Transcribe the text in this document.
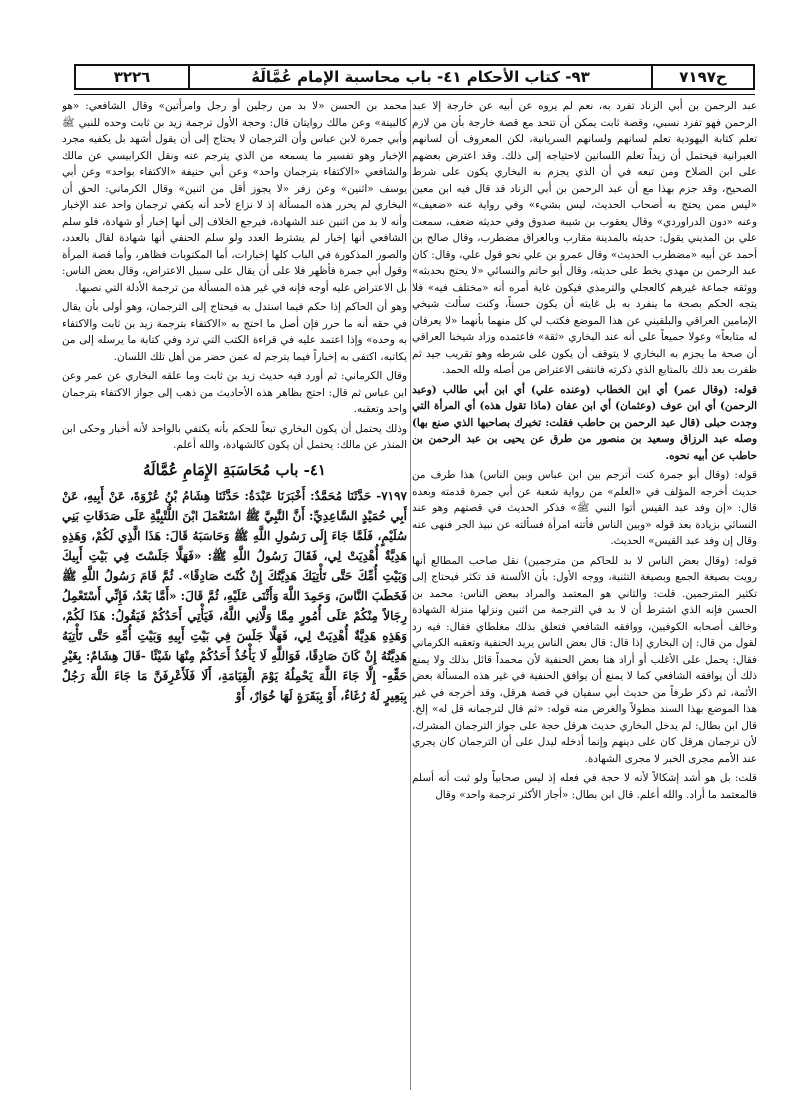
ح٧١٩٧
٩٣- كتاب الأحكام ٤١- باب محاسبة الإمام عُمَّالَهُ
٣٢٢٦

عبد الرحمن بن أبي الزناد تفرد به، نعم لم يروه عن أبيه عن خارجة إلا عبد الرحمن فهو تفرد نسبي، وقصة ثابت يمكن أن تتحد مع قصة خارجة بأن من لازم تعلم كتابة اليهودية تعلم لسانهم ولسانهم السريانية، لكن المعروف أن لسانهم العبرانية فيحتمل أن زيداً تعلم اللسانين لاحتياجه إلى ذلك. وقد اعترض بعضهم على ابن الصلاح ومن تبعه في أن الذي يجزم به البخاري يكون على شرط الصحيح، وقد جزم بهذا مع أن عبد الرحمن بن أبي الزناد قد قال فيه ابن معين «ليس ممن يحتج به أصحاب الحديث، ليس بشيء» وفي رواية عنه «ضعيف» وعنه «دون الدراوردي» وقال يعقوب بن شيبة صدوق وفي حديثه ضعف، سمعت علي بن المديني يقول: حديثه بالمدينة مقارب وبالعراق مضطرب، وقال صالح بن أحمد عن أبيه «مضطرب الحديث» وقال عمرو بن علي نحو قول علي، وقال: كان عبد الرحمن بن مهدي يخط على حديثه، وقال أبو حاتم والنسائي «لا يحتج بحديثه» ووثقه جماعة غيرهم كالعجلي والترمذي فيكون غاية أمره أنه «مختلف فيه» فلا يتجه الحكم بصحة ما ينفرد به بل غايته أن يكون حسناً، وكنت سألت شيخي الإمامين العراقي والبلقيني عن هذا الموضع فكتب لي كل منهما بأنهما «لا يعرفان له متابعاً» وعولا جميعاً على أنه عند البخاري «ثقة» فاعتمده وزاد شيخنا العراقي أن صحة ما يجزم به البخاري لا يتوقف أن يكون على شرطه وهو تقريب جيد ثم ظفرت بعد ذلك بالمتابع الذي ذكرته فانتفى الاعتراض من أصله ولله الحمد.

قوله: (وقال عمر) أي ابن الخطاب (وعنده علي) أي ابن أبي طالب (وعبد الرحمن) أي ابن عوف (وعثمان) أي ابن عفان (ماذا تقول هذه) أي المرأة التي وجدت حبلى (قال عبد الرحمن بن حاطب فقلت: تخبرك بصاحبها الذي صنع بها) وصله عبد الرزاق وسعيد بن منصور من طرق عن يحيى بن عبد الرحمن بن حاطب عن أبيه نحوه.

قوله: (وقال أبو جمرة كنت أترجم بين ابن عباس وبين الناس) هذا طرف من حديث أخرجه المؤلف في «العلم» من رواية شعبة عن أبي جمرة قدمته وبعده قال: «إن وفد عبد القيس أتوا النبي ﷺ» فذكر الحديث في قصتهم وهو عند النسائي بزيادة بعد قوله «وبين الناس فأتته امرأة فسألته عن نبيذ الجر فنهى عنه وقال إن وفد عبد القيس» الحديث.

قوله: (وقال بعض الناس لا بد للحاكم من مترجمين) نقل صاحب المطالع أنها رويت بصيغة الجمع وبصيغة التثنية، ووجه الأول: بأن الألسنة قد تكثر فيحتاج إلى تكثير المترجمين. قلت: والثاني هو المعتمد والمراد ببعض الناس: محمد بن الحسن فإنه الذي اشترط أن لا بد في الترجمة من اثنين ونزلها منزلة الشهادة وخالف أصحابه الكوفيين، ووافقه الشافعي فتعلق بذلك مغلطاي فقال: فيه رد لقول من قال: إن البخاري إذا قال: قال بعض الناس يريد الحنفية وتعقبه الكرماني فقال: يحمل على الأغلب أو أراد هنا بعض الحنفية لأن محمداً قائل بذلك ولا يمنع ذلك أن يوافقه الشافعي كما لا يمنع أن يوافق الحنفية في غير هذه المسألة بعض الأئمة، ثم ذكر طرفاً من حديث أبي سفيان في قصة هرقل، وقد أخرجه في غير هذا الموضع بهذا السند مطولاً والغرض منه قوله: «ثم قال لترجمانه قل له» إلخ. قال ابن بطال: لم يدخل البخاري حديث هرقل حجة على جواز الترجمان المشرك، لأن ترجمان هرقل كان على دينهم وإنما أدخله ليدل على أن الترجمان كان يجري عند الأمم مجرى الخبر لا مجرى الشهادة.

قلت: بل هو أشد إشكالاً لأنه لا حجة في فعله إذ ليس صحابياً ولو ثبت أنه أسلم فالمعتمد ما أراد. والله أعلم. قال ابن بطال: «أجاز الأكثر ترجمة واحد» وقال

محمد بن الحسن «لا بد من رجلين أو رجل وامرأتين» وقال الشافعي: «هو كالبينة» وعن مالك روايتان قال: وحجة الأول ترجمة زيد بن ثابت وحده للنبي ﷺ وأبي جمرة لابن عباس وأن الترجمان لا يحتاج إلى أن يقول أشهد بل يكفيه مجرد الإخبار وهو تفسير ما يسمعه من الذي يترجم عنه ونقل الكرابيسي عن مالك والشافعي «الاكتفاء بترجمان واحد» وعن أبي حنيفة «الاكتفاء بواحد» وعن أبي يوسف «اثنين» وعن زفر «لا يجوز أقل من اثنين» وقال الكرماني: الحق أن البخاري لم يحرر هذه المسألة إذ لا نزاع لأحد أنه يكفي ترجمان واحد عند الإخبار وأنه لا بد من اثنين عند الشهادة، فيرجع الخلاف إلى أنها إخبار أو شهادة، فلو سلم الشافعي أنها إخبار لم يشترط العدد ولو سلم الحنفي أنها شهادة لقال بالعدد، والصور المذكورة في الباب كلها إخبارات، أما المكتوبات فظاهر، وأما قصة المرأة وقول أبي جمرة فأظهر فلا على أن يقال على سبيل الاعتراض، وقال بعض الناس: بل الاعتراض عليه أوجه فإنه في غير هذه المسألة من ترجمة الأدلة التي نصبها.

وهو أن الحاكم إذا حكم فيما استدل به فيحتاج إلى الترجمان، وهو أولى بأن يقال في حقه أنه ما حرر فإن أصل ما احتج به «الاكتفاء بترجمة زيد بن ثابت والاكتفاء به وحده» وإذا اعتمد عليه في قراءة الكتب التي ترد وفي كتابة ما يرسله إلى من يكاتبه، اكتفى به إخباراً فيما يترجم له عمن حضر من أهل تلك اللسان.

وقال الكرماني: ثم أورد فيه حديث زيد بن ثابت وما علقه البخاري عن عمر وعن ابن عباس ثم قال: احتج بظاهر هذه الأحاديث من ذهب إلى جواز الاكتفاء بترجمان واحد وتعقبه.

وذلك يحتمل أن يكون البخاري تبعاً للحكم بأنه يكتفي بالواحد لأنه أخبار وحكى ابن المنذر عن مالك: يحتمل أن يكون كالشهادة، والله أعلم.

٤١- باب مُحَاسَبَةِ الإِمَامِ عُمَّالَهُ

٧١٩٧- حَدَّثَنَا مُحَمَّدٌ: أَخْبَرَنَا عَبْدَةُ: حَدَّثَنَا هِشَامُ بْنُ عُرْوَةَ، عَنْ أَبِيهِ، عَنْ أَبِي حُمَيْدٍ السَّاعِدِيِّ: أَنَّ النَّبِيَّ ﷺ اسْتَعْمَلَ ابْنَ اللُّتْبِيَّةِ عَلَى صَدَقَاتِ بَنِي سُلَيْمٍ، فَلَمَّا جَاءَ إِلَى رَسُولِ اللَّهِ ﷺ وَحَاسَبَهُ قَالَ: هَذَا الَّذِي لَكُمْ، وَهَذِهِ هَدِيَّةٌ أُهْدِيَتْ لِي، فَقَالَ رَسُولُ اللَّهِ ﷺ: «فَهَلَّا جَلَسْتَ فِي بَيْتِ أَبِيكَ وَبَيْتِ أُمِّكَ حَتَّى تَأْتِيَكَ هَدِيَّتُكَ إِنْ كُنْتَ صَادِقًا». ثُمَّ قَامَ رَسُولُ اللَّهِ ﷺ فَخَطَبَ النَّاسَ، وَحَمِدَ اللَّهَ وَأَثْنَى عَلَيْهِ، ثُمَّ قَالَ: «أَمَّا بَعْدُ، فَإِنِّي أَسْتَعْمِلُ رِجَالاً مِنْكُمْ عَلَى أُمُورٍ مِمَّا وَلَّانِي اللَّهُ، فَيَأْتِي أَحَدُكُمْ فَيَقُولُ: هَذَا لَكُمْ، وَهَذِهِ هَدِيَّةٌ أُهْدِيَتْ لِي، فَهَلَّا جَلَسَ فِي بَيْتِ أَبِيهِ وَبَيْتِ أُمِّهِ حَتَّى تَأْتِيَهُ هَدِيَّتُهُ إِنْ كَانَ صَادِقًا، فَوَاللَّهِ لَا يَأْخُذُ أَحَدُكُمْ مِنْهَا شَيْئًا -قَالَ هِشَامٌ: بِغَيْرِ حَقِّهِ- إِلَّا جَاءَ اللَّهَ يَحْمِلُهُ يَوْمَ الْقِيَامَةِ، أَلَا فَلَأَعْرِفَنَّ مَا جَاءَ اللَّهَ رَجُلٌ بِبَعِيرٍ لَهُ رُغَاءٌ، أَوْ بِبَقَرَةٍ لَهَا خُوَارٌ، أَوْ
